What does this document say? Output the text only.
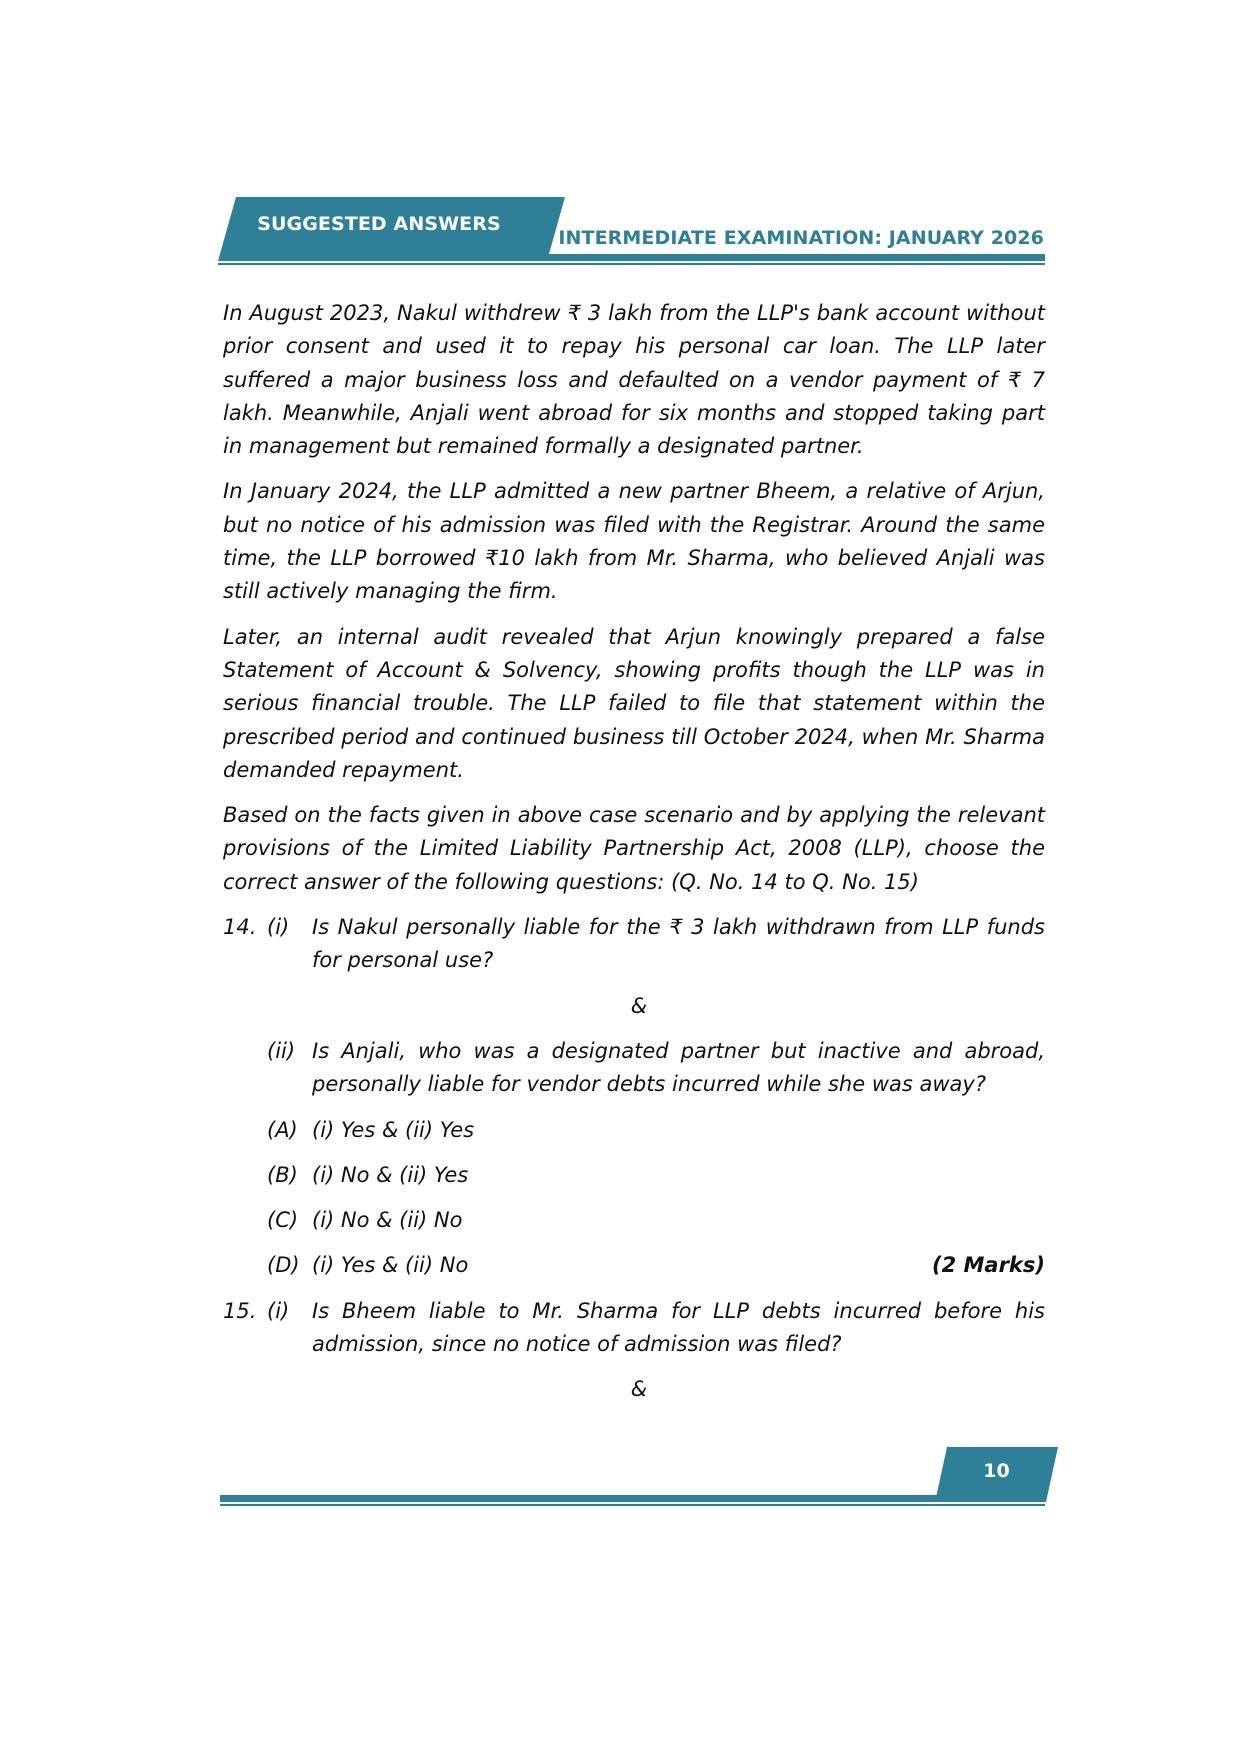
SUGGESTED ANSWERS
INTERMEDIATE EXAMINATION: JANUARY 2026

In August 2023, Nakul withdrew ₹ 3 lakh from the LLP's bank account without prior consent and used it to repay his personal car loan. The LLP later suffered a major business loss and defaulted on a vendor payment of ₹ 7 lakh. Meanwhile, Anjali went abroad for six months and stopped taking part in management but remained formally a designated partner.

In January 2024, the LLP admitted a new partner Bheem, a relative of Arjun, but no notice of his admission was filed with the Registrar. Around the same time, the LLP borrowed ₹10 lakh from Mr. Sharma, who believed Anjali was still actively managing the firm.

Later, an internal audit revealed that Arjun knowingly prepared a false Statement of Account & Solvency, showing profits though the LLP was in serious financial trouble. The LLP failed to file that statement within the prescribed period and continued business till October 2024, when Mr. Sharma demanded repayment.

Based on the facts given in above case scenario and by applying the relevant provisions of the Limited Liability Partnership Act, 2008 (LLP), choose the correct answer of the following questions: (Q. No. 14 to Q. No. 15)

14. (i)	Is Nakul personally liable for the ₹ 3 lakh withdrawn from LLP funds for personal use?
&
(ii) Is Anjali, who was a designated partner but inactive and abroad, personally liable for vendor debts incurred while she was away?
(A) (i) Yes & (ii) Yes
(B) (i) No & (ii) Yes
(C) (i) No & (ii) No
(D) (i) Yes & (ii) No	(2 Marks)
15. (i)	Is Bheem liable to Mr. Sharma for LLP debts incurred before his admission, since no notice of admission was filed?
&
10
